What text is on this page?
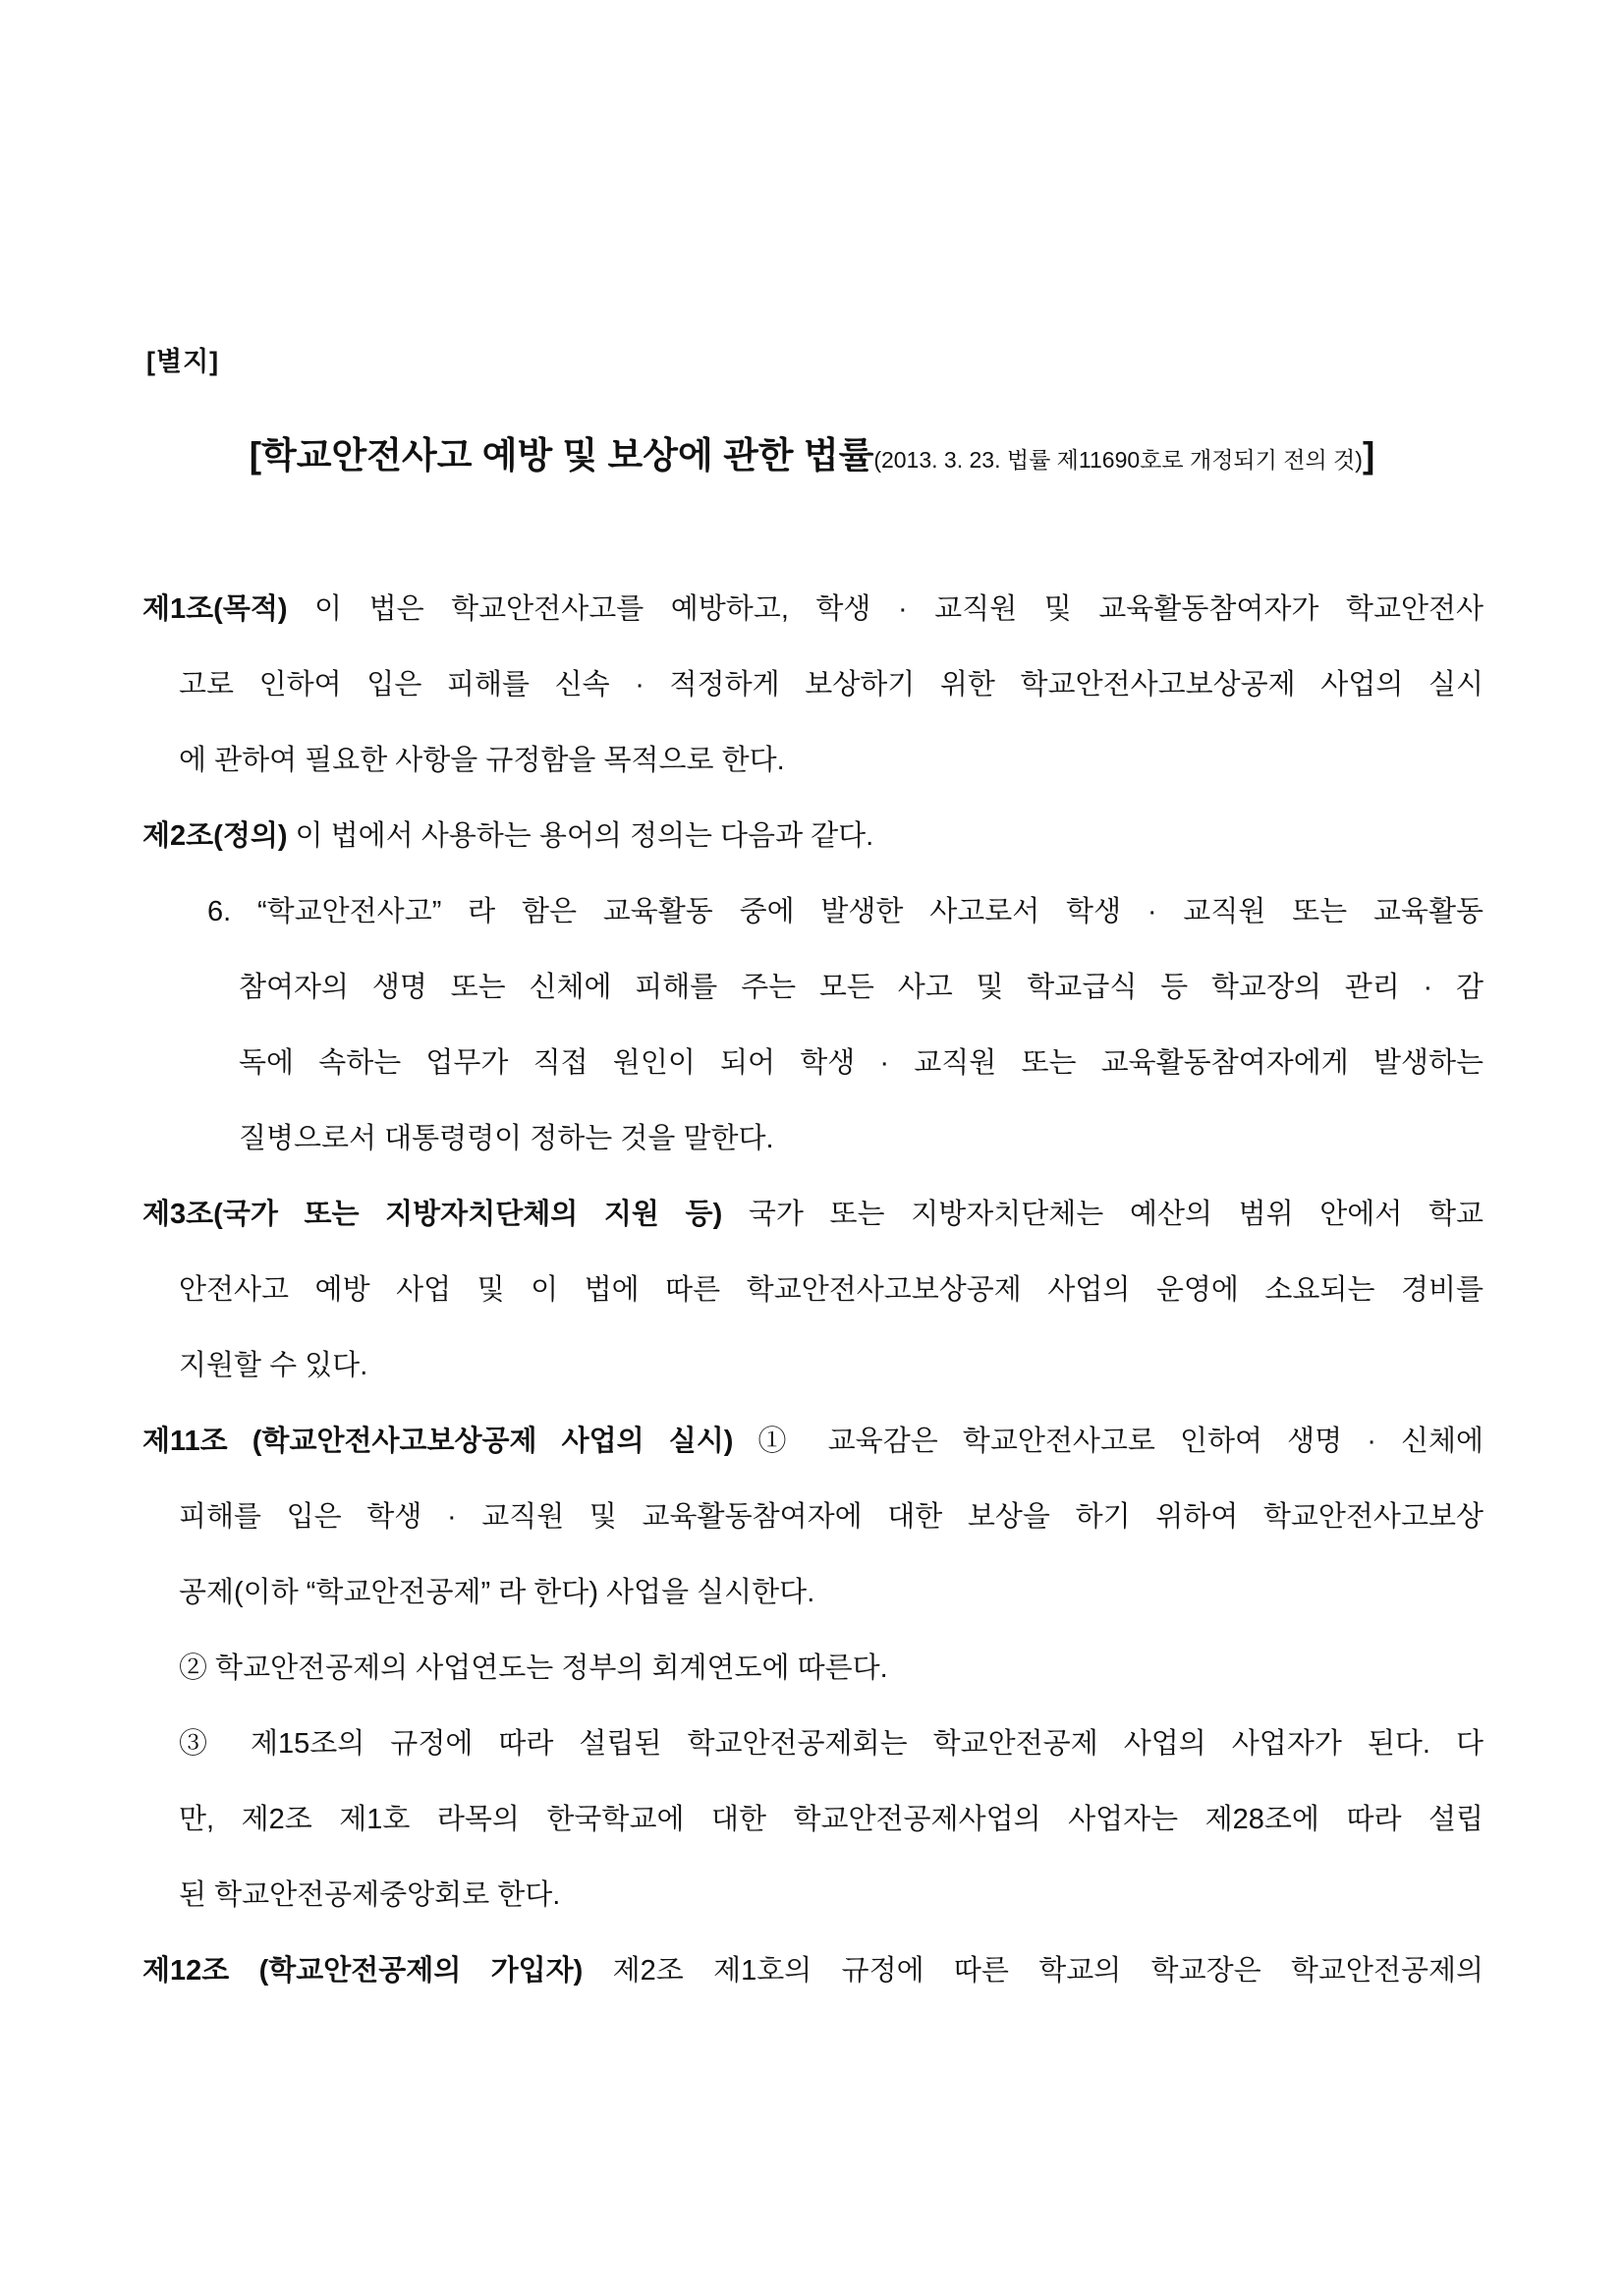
[별지]
[학교안전사고 예방 및 보상에 관한 법률(2013. 3. 23. 법률 제11690호로 개정되기 전의 것)]
제1조(목적) 이 법은 학교안전사고를 예방하고, 학생 · 교직원 및 교육활동참여자가 학교안전사
고로 인하여 입은 피해를 신속 · 적정하게 보상하기 위한 학교안전사고보상공제 사업의 실시
에 관하여 필요한 사항을 규정함을 목적으로 한다.
제2조(정의) 이 법에서 사용하는 용어의 정의는 다음과 같다.
6. “학교안전사고” 라 함은 교육활동 중에 발생한 사고로서 학생 · 교직원 또는 교육활동
참여자의 생명 또는 신체에 피해를 주는 모든 사고 및 학교급식 등 학교장의 관리 · 감
독에 속하는 업무가 직접 원인이 되어 학생 · 교직원 또는 교육활동참여자에게 발생하는
질병으로서 대통령령이 정하는 것을 말한다.
제3조(국가 또는 지방자치단체의 지원 등) 국가 또는 지방자치단체는 예산의 범위 안에서 학교
안전사고 예방 사업 및 이 법에 따른 학교안전사고보상공제 사업의 운영에 소요되는 경비를
지원할 수 있다.
제11조 (학교안전사고보상공제 사업의 실시) ① 교육감은 학교안전사고로 인하여 생명 · 신체에
피해를 입은 학생 · 교직원 및 교육활동참여자에 대한 보상을 하기 위하여 학교안전사고보상
공제(이하 “학교안전공제” 라 한다) 사업을 실시한다.
② 학교안전공제의 사업연도는 정부의 회계연도에 따른다.
③ 제15조의 규정에 따라 설립된 학교안전공제회는 학교안전공제 사업의 사업자가 된다. 다
만, 제2조 제1호 라목의 한국학교에 대한 학교안전공제사업의 사업자는 제28조에 따라 설립
된 학교안전공제중앙회로 한다.
제12조 (학교안전공제의 가입자) 제2조 제1호의 규정에 따른 학교의 학교장은 학교안전공제의
